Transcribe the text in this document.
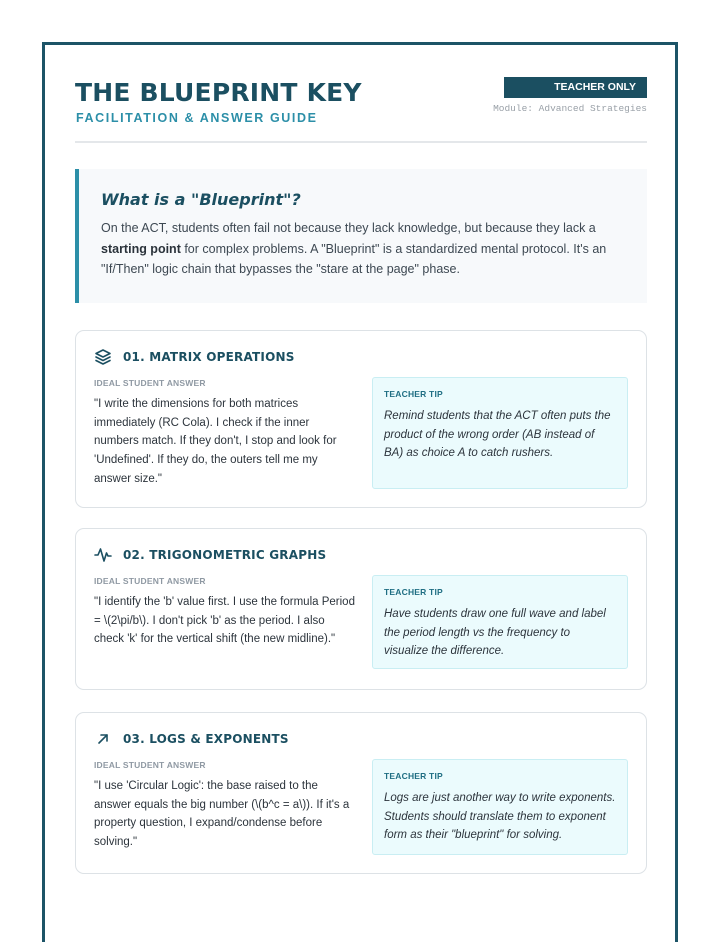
THE BLUEPRINT KEY
FACILITATION & ANSWER GUIDE
TEACHER ONLY
Module: Advanced Strategies
What is a "Blueprint"?

On the ACT, students often fail not because they lack knowledge, but because they lack a starting point for complex problems. A "Blueprint" is a standardized mental protocol. It's an "If/Then" logic chain that bypasses the "stare at the page" phase.

01. MATRIX OPERATIONS
IDEAL STUDENT ANSWER

"I write the dimensions for both matrices immediately (RC Cola). I check if the inner numbers match. If they don't, I stop and look for 'Undefined'. If they do, the outers tell me my answer size."

TEACHER TIP

Remind students that the ACT often puts the product of the wrong order (AB instead of BA) as choice A to catch rushers.

02. TRIGONOMETRIC GRAPHS
IDEAL STUDENT ANSWER

"I identify the 'b' value first. I use the formula Period = \(2\pi/b\). I don't pick 'b' as the period. I also check 'k' for the vertical shift (the new midline)."

TEACHER TIP

Have students draw one full wave and label the period length vs the frequency to visualize the difference.

03. LOGS & EXPONENTS
IDEAL STUDENT ANSWER

"I use 'Circular Logic': the base raised to the answer equals the big number (\(b^c = a\)). If it's a property question, I expand/condense before solving."

TEACHER TIP

Logs are just another way to write exponents. Students should translate them to exponent form as their "blueprint" for solving.
